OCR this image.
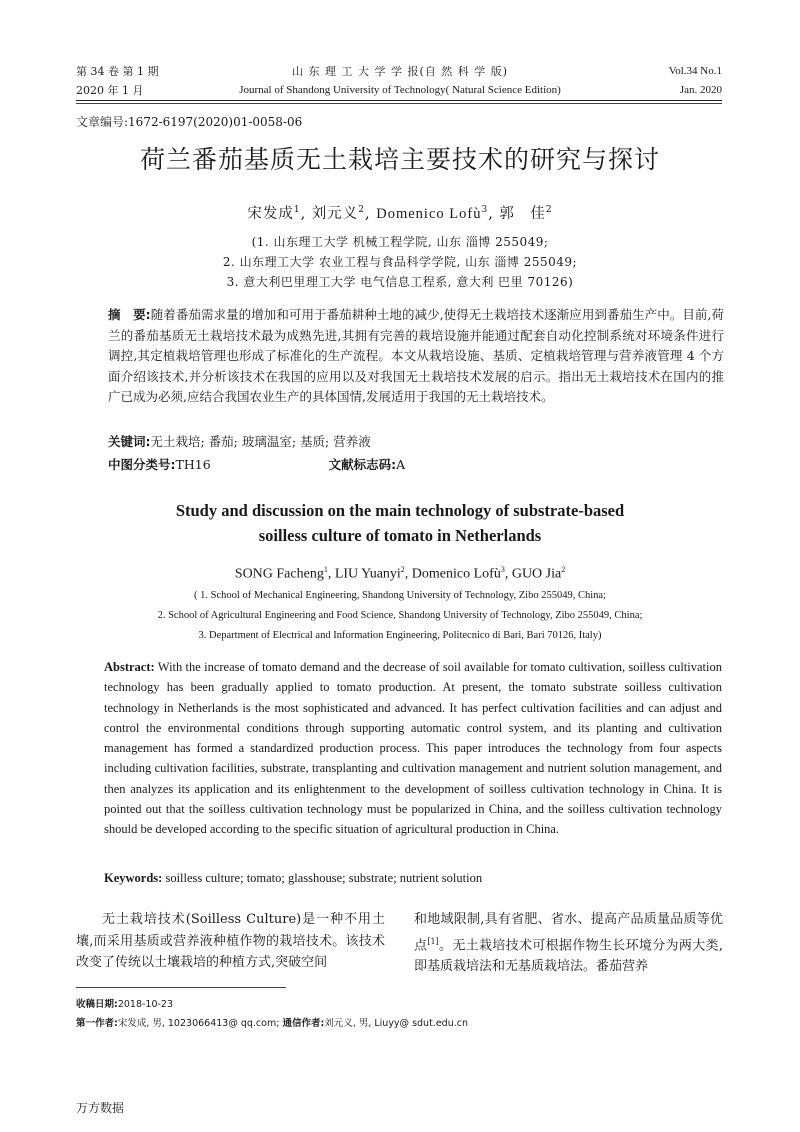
第 34 卷 第 1 期
2020 年 1 月
山 东 理 工 大 学 学 报(自 然 科 学 版)
Journal of Shandong University of Technology( Natural Science Edition)
Vol.34 No.1
Jan. 2020
文章编号:1672-6197(2020)01-0058-06
荷兰番茄基质无土栽培主要技术的研究与探讨
宋发成$^1$, 刘元义$^2$, Domenico Lofù$^3$, 郭　佳$^2$
(1. 山东理工大学 机械工程学院, 山东 淄博 255049;
2. 山东理工大学 农业工程与食品科学学院, 山东 淄博 255049;
3. 意大利巴里理工大学 电气信息工程系, 意大利 巴里 70126)
摘　要:随着番茄需求量的增加和可用于番茄耕种土地的减少,使得无土栽培技术逐渐应用到番茄生产中。目前,荷兰的番茄基质无土栽培技术最为成熟先进,其拥有完善的栽培设施并能通过配套自动化控制系统对环境条件进行调控,其定植栽培管理也形成了标准化的生产流程。本文从栽培设施、基质、定植栽培管理与营养液管理 4 个方面介绍该技术,并分析该技术在我国的应用以及对我国无土栽培技术发展的启示。指出无土栽培技术在国内的推广已成为必须,应结合我国农业生产的具体国情,发展适用于我国的无土栽培技术。
关键词:无土栽培; 番茄; 玻璃温室; 基质; 营养液
中图分类号:TH16	文献标志码:A
Study and discussion on the main technology of substrate-based
soilless culture of tomato in Netherlands
SONG Facheng$^1$, LIU Yuanyi$^2$, Domenico Lofù$^3$, GUO Jia$^2$
( 1. School of Mechanical Engineering, Shandong University of Technology, Zibo 255049, China;
2. School of Agricultural Engineering and Food Science, Shandong University of Technology, Zibo 255049, China;
3. Department of Electrical and Information Engineering, Politecnico di Bari, Bari 70126, Italy)
Abstract: With the increase of tomato demand and the decrease of soil available for tomato cultivation, soilless cultivation technology has been gradually applied to tomato production. At present, the tomato substrate soilless cultivation technology in Netherlands is the most sophisticated and advanced. It has perfect cultivation facilities and can adjust and control the environmental conditions through supporting automatic control system, and its planting and cultivation management has formed a standardized production process. This paper introduces the technology from four aspects including cultivation facilities, substrate, transplanting and cultivation management and nutrient solution management, and then analyzes its application and its enlightenment to the development of soilless cultivation technology in China. It is pointed out that the soilless cultivation technology must be popularized in China, and the soilless cultivation technology should be developed according to the specific situation of agricultural production in China.
Keywords: soilless culture; tomato; glasshouse; substrate; nutrient solution
无土栽培技术(Soilless Culture)是一种不用土壤,而采用基质或营养液种植作物的栽培技术。该技术改变了传统以土壤栽培的种植方式,突破空间
和地域限制,具有省肥、省水、提高产品质量品质等优点[1]。无土栽培技术可根据作物生长环境分为两大类,即基质栽培法和无基质栽培法。番茄营养
收稿日期:2018-10-23
第一作者:宋发成, 男, 1023066413@ qq.com; 通信作者:刘元义, 男, Liuyy@ sdut.edu.cn
万方数据
